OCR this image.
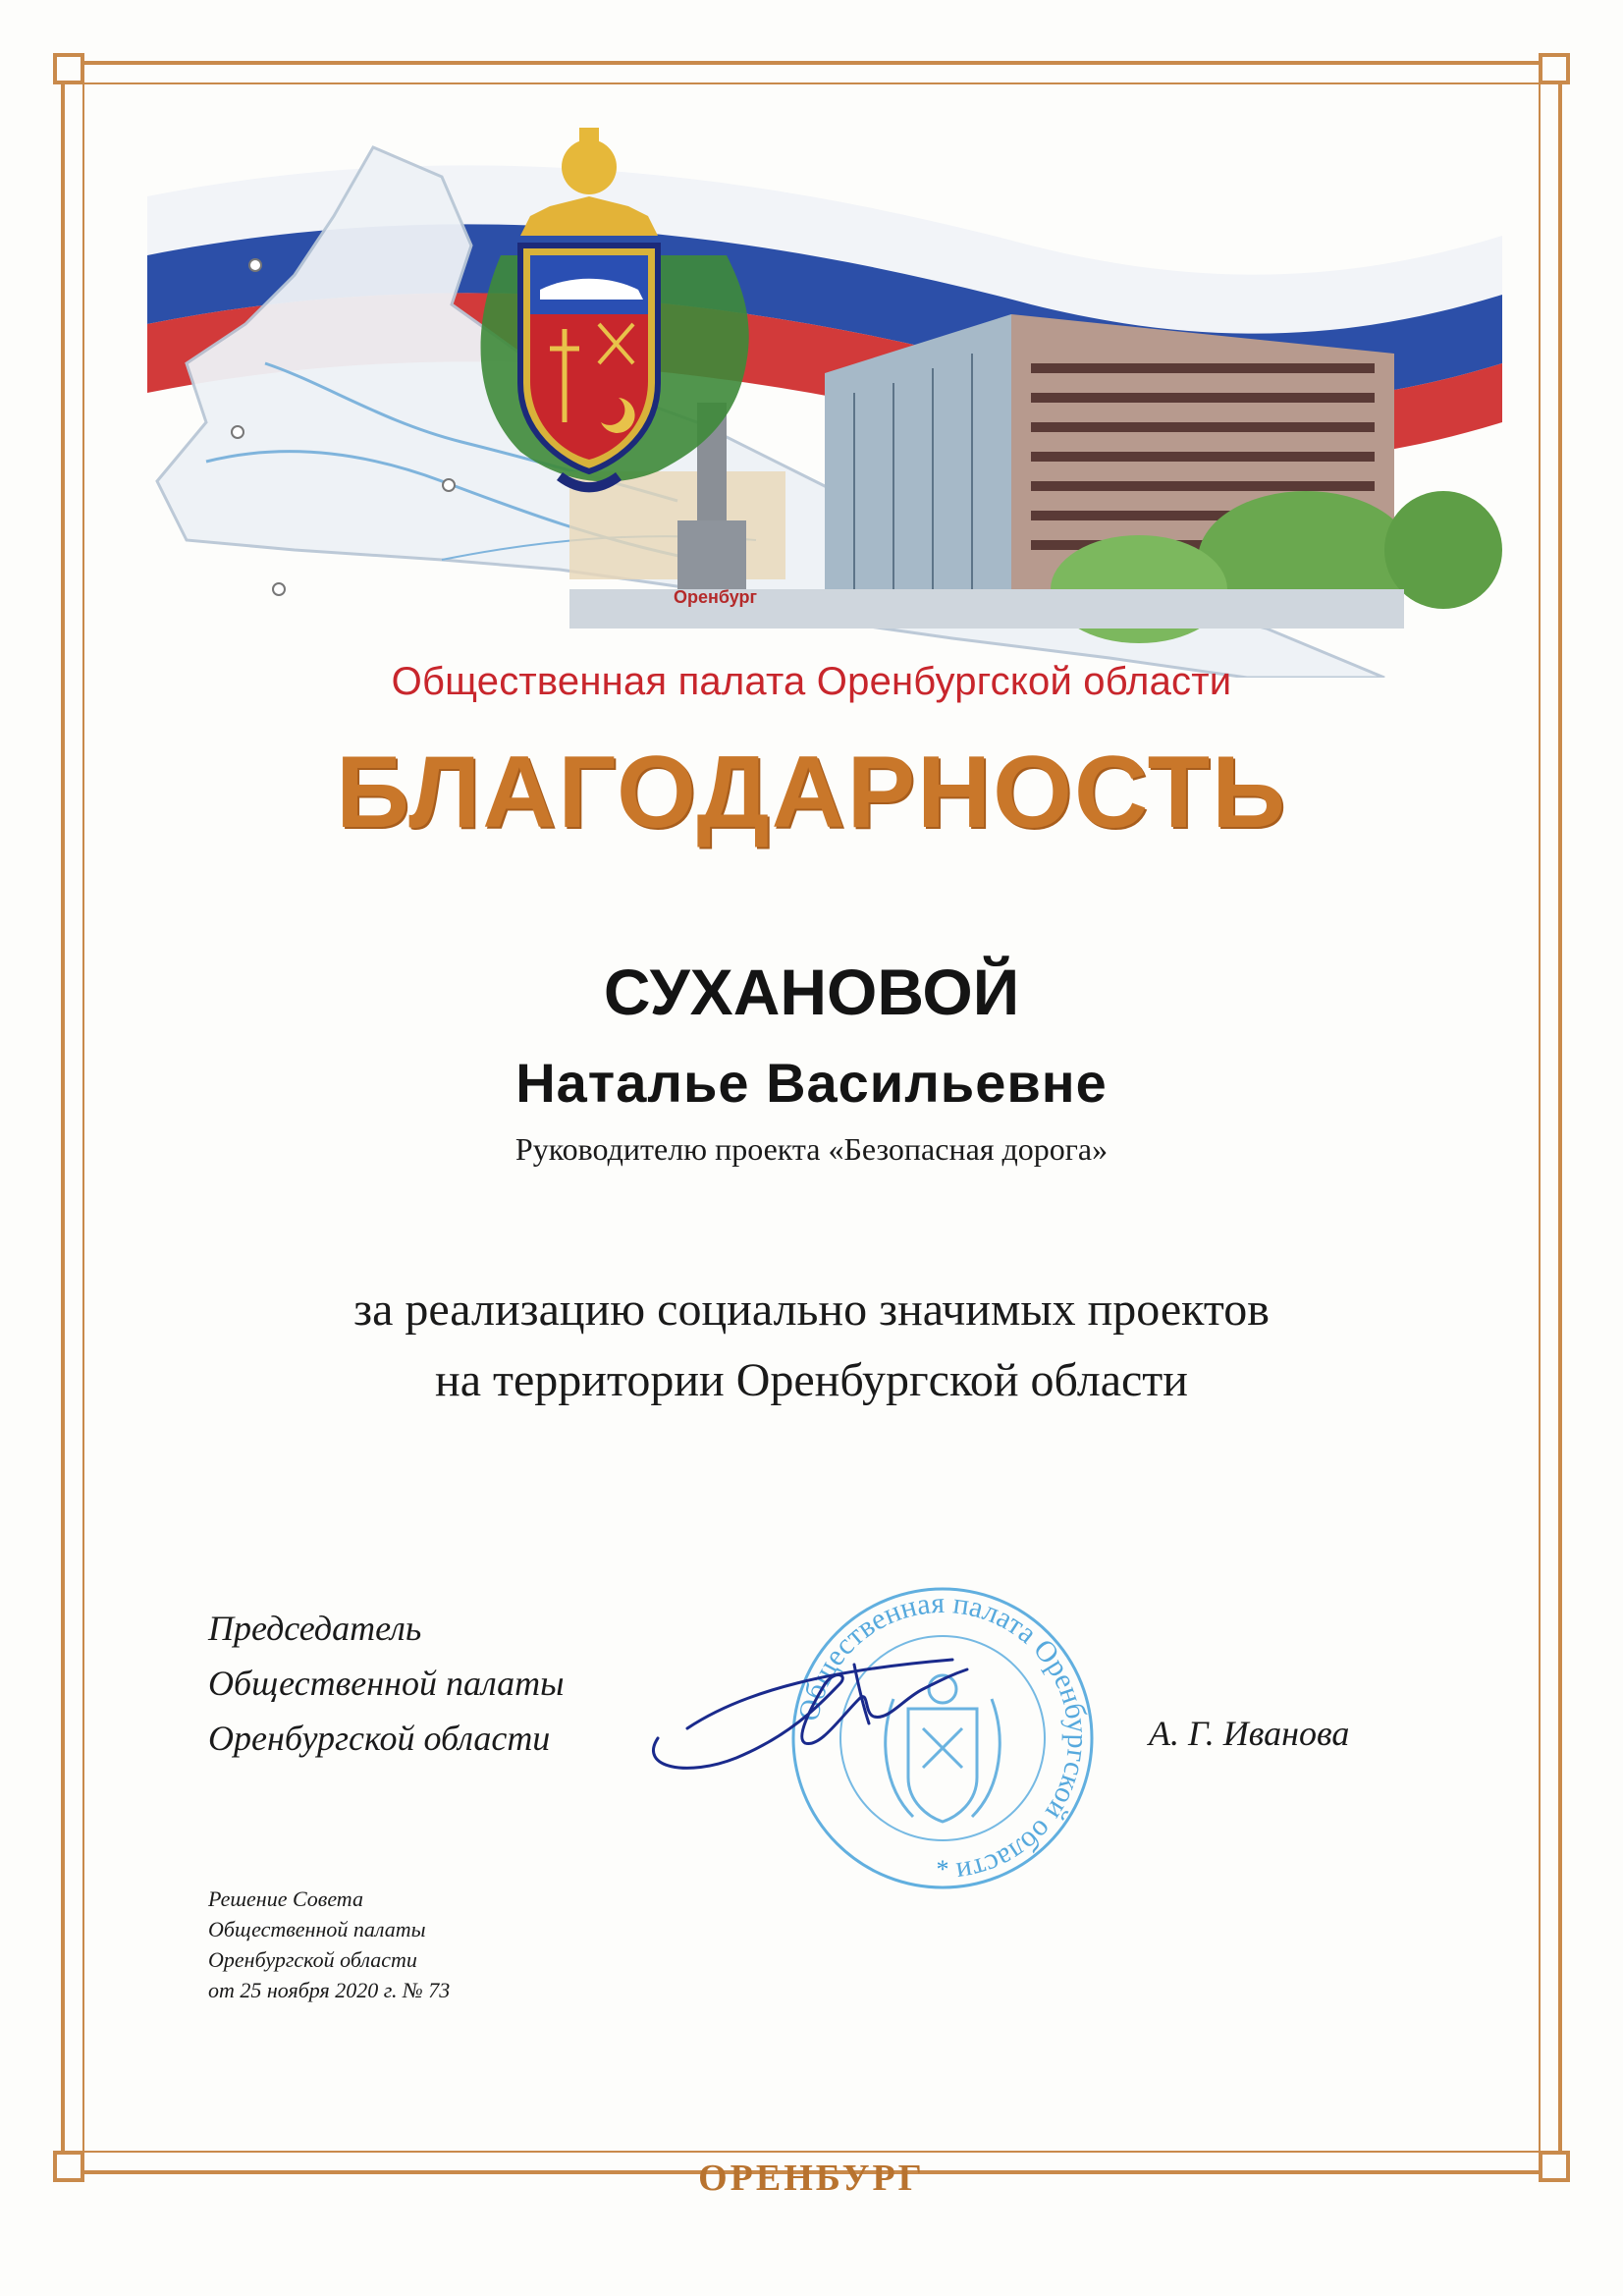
Оренбург
Общественная палата Оренбургской области
БЛАГОДАРНОСТЬ
СУХАНОВОЙ
Наталье Васильевне
Руководителю проекта «Безопасная дорога»
за реализацию социально значимых проектов
на территории Оренбургской области
Председатель
Общественной палаты
Оренбургской области
Общественная палата Оренбургской области
*
А. Г. Иванова
Решение Совета
Общественной палаты
Оренбургской области
от 25 ноября 2020 г. № 73
ОРЕНБУРГ
